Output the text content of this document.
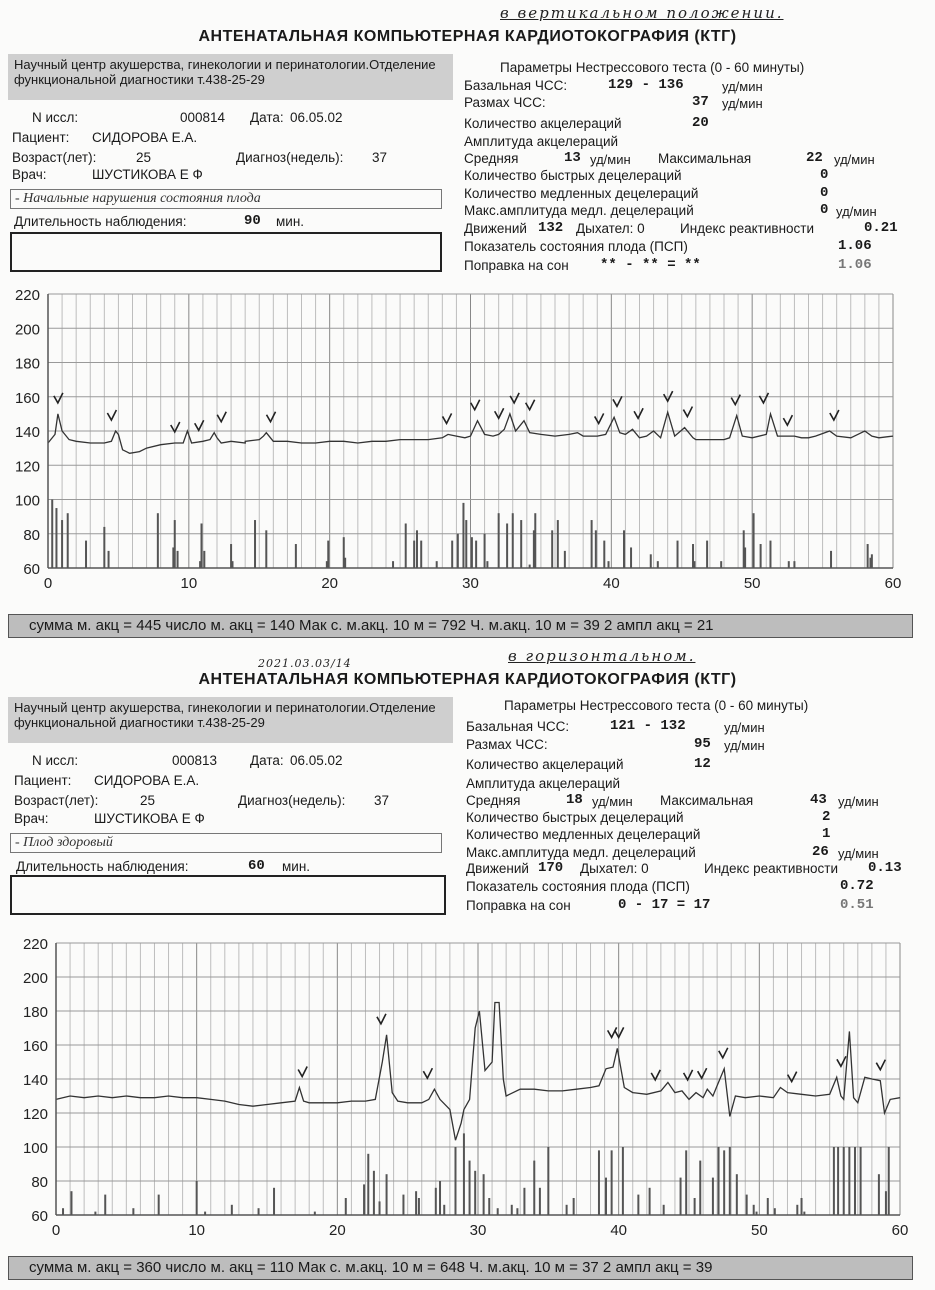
в вертикальном положении.
АНТЕНАТАЛЬНАЯ КОМПЬЮТЕРНАЯ КАРДИОТОКОГРАФИЯ (КТГ)
Научный центр акушерства, гинекологии и перинатологии.Отделение функциональной диагностики т.438-25-29
N иссл:	000814 Дата: 06.05.02
Пациент: СИДОРОВА Е.А.
Возраст(лет):	25	Диагноз(недель): 37
Врач:	ШУСТИКОВА Е Ф
- Начальные нарушения состояния плода
Длительность наблюдения:	90 мин.
Параметры Нестрессового теста (0 - 60 минуты)
Базальная ЧСС:	129 - 136	уд/мин
Размах ЧСС:	37 уд/мин
Количество акцелераций	20
Амплитуда акцелераций
Средняя	13 уд/мин Максимальная	22 уд/мин
Количество быстрых децелераций	0
Количество медленных децелераций	0
Макс.амплитуда медл. децелераций	0 уд/мин
Движений 132 Дыхател: 0	Индекс реактивности	0.21
Показатель состояния плода (ПСП)	1.06
Поправка на сон ** - ** = **	1.06
60
80
100
120
140
160
180
200
220
0	10	20	30	40	50	60
сумма м. акц = 445 число м. акц = 140 Мак с. м.акц. 10 м = 792 Ч. м.акц. 10 м = 39 2 ампл акц = 21
в горизонтальном.
2021.03.03/14
АНТЕНАТАЛЬНАЯ КОМПЬЮТЕРНАЯ КАРДИОТОКОГРАФИЯ (КТГ)
Научный центр акушерства, гинекологии и перинатологии.Отделение функциональной диагностики т.438-25-29
N иссл:	000813 Дата: 06.05.02
Пациент: СИДОРОВА Е.А.
Возраст(лет):	25	Диагноз(недель): 37
Врач:	ШУСТИКОВА Е Ф
- Плод здоровый
Длительность наблюдения:	60 мин.
Параметры Нестрессового теста (0 - 60 минуты)
Базальная ЧСС:	121 - 132	уд/мин
Размах ЧСС:	95 уд/мин
Количество акцелераций	12
Амплитуда акцелераций
Средняя	18 уд/мин Максимальная	43 уд/мин
Количество быстрых децелераций	2
Количество медленных децелераций	1
Макс.амплитуда медл. децелераций	26 уд/мин
Движений 170 Дыхател: 0	Индекс реактивности 0.13
Показатель состояния плода (ПСП)	0.72
Поправка на сон	0 - 17 = 17	0.51
60
80
100
120
140
160
180
200
220
0	10	20	30	40	50	60
сумма м. акц = 360 число м. акц = 110 Мак с. м.акц. 10 м = 648 Ч. м.акц. 10 м = 37 2 ампл акц = 39
